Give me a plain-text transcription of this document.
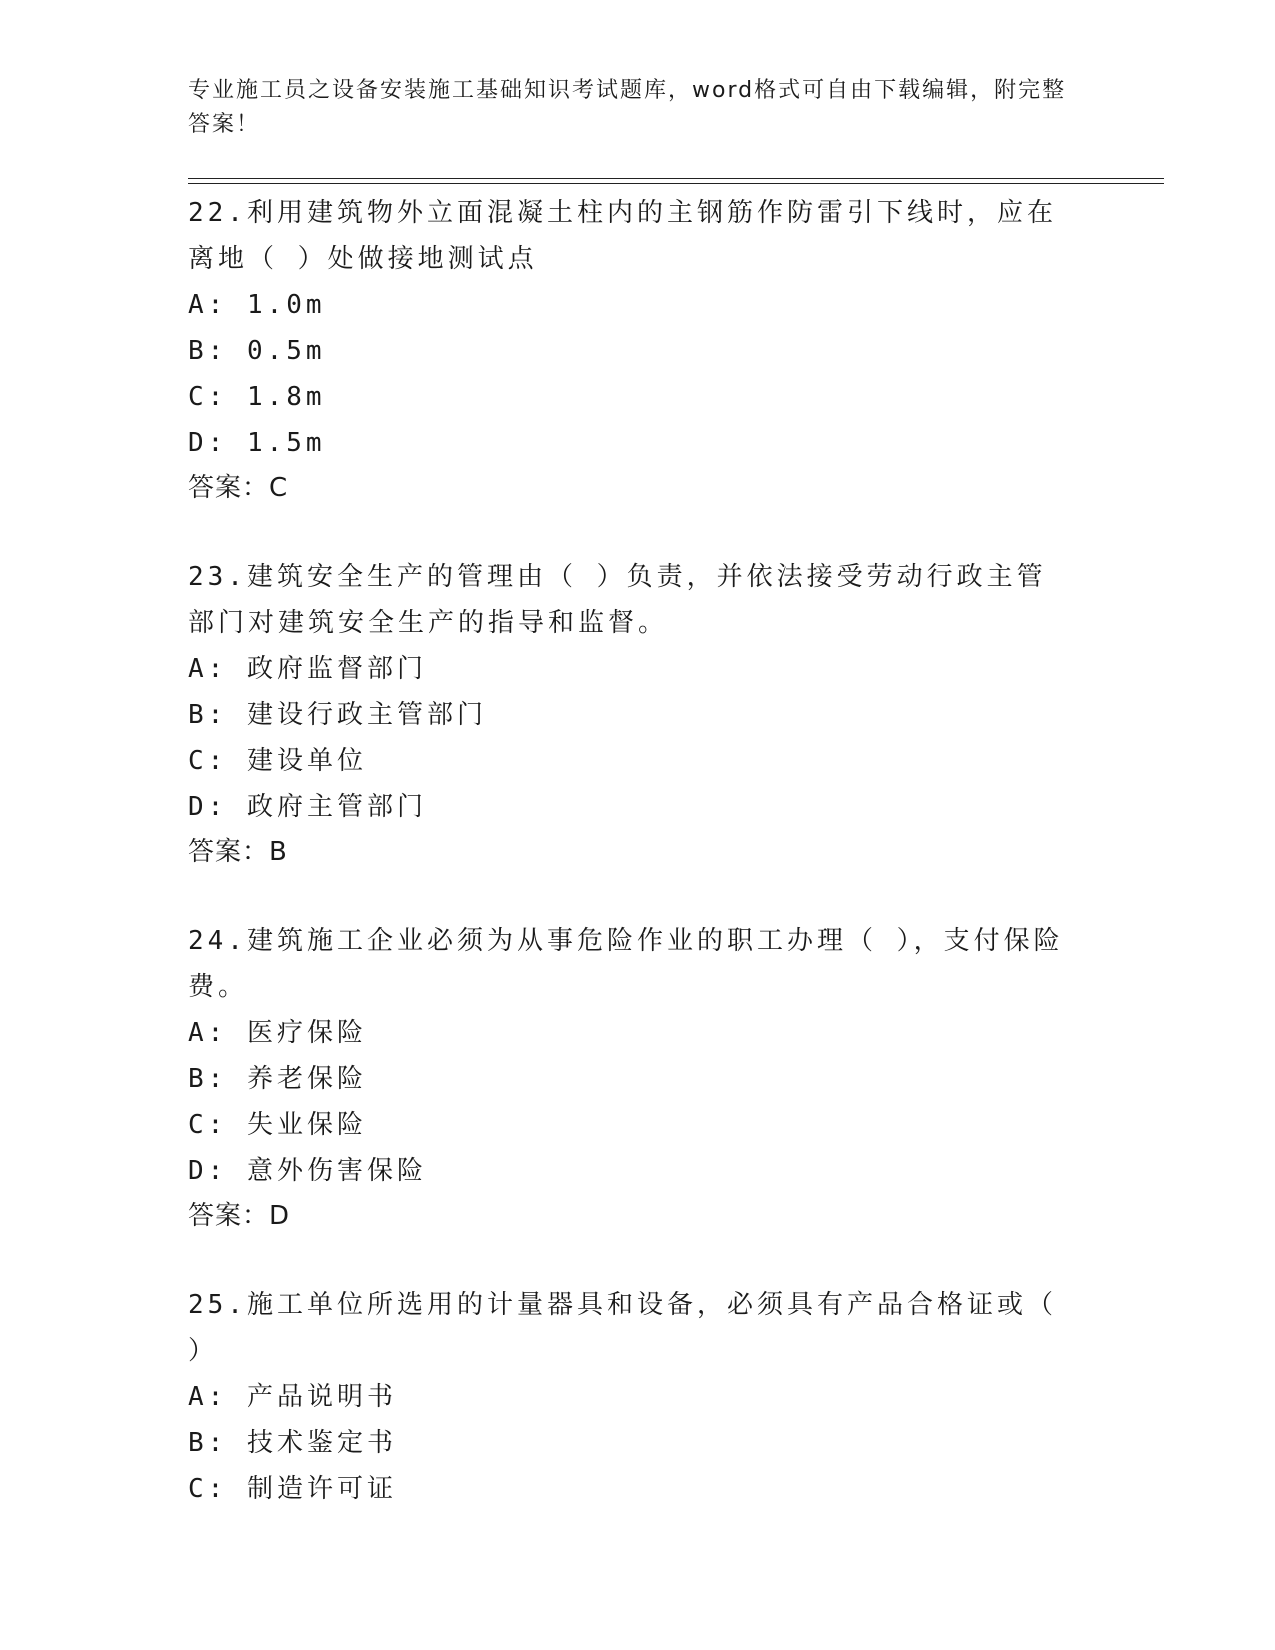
专业施工员之设备安装施工基础知识考试题库，word格式可自由下载编辑，附完整答案！

22.利用建筑物外立面混凝土柱内的主钢筋作防雷引下线时，应在离地（ ）处做接地测试点

A: 1.0m

B: 0.5m

C: 1.8m

D: 1.5m

答案：C

23.建筑安全生产的管理由（ ）负责，并依法接受劳动行政主管部门对建筑安全生产的指导和监督。

A: 政府监督部门

B: 建设行政主管部门

C: 建设单位

D: 政府主管部门

答案：B

24.建筑施工企业必须为从事危险作业的职工办理（ ），支付保险费。

A: 医疗保险

B: 养老保险

C: 失业保险

D: 意外伤害保险

答案：D

25.施工单位所选用的计量器具和设备，必须具有产品合格证或（ ）

A: 产品说明书

B: 技术鉴定书

C: 制造许可证
